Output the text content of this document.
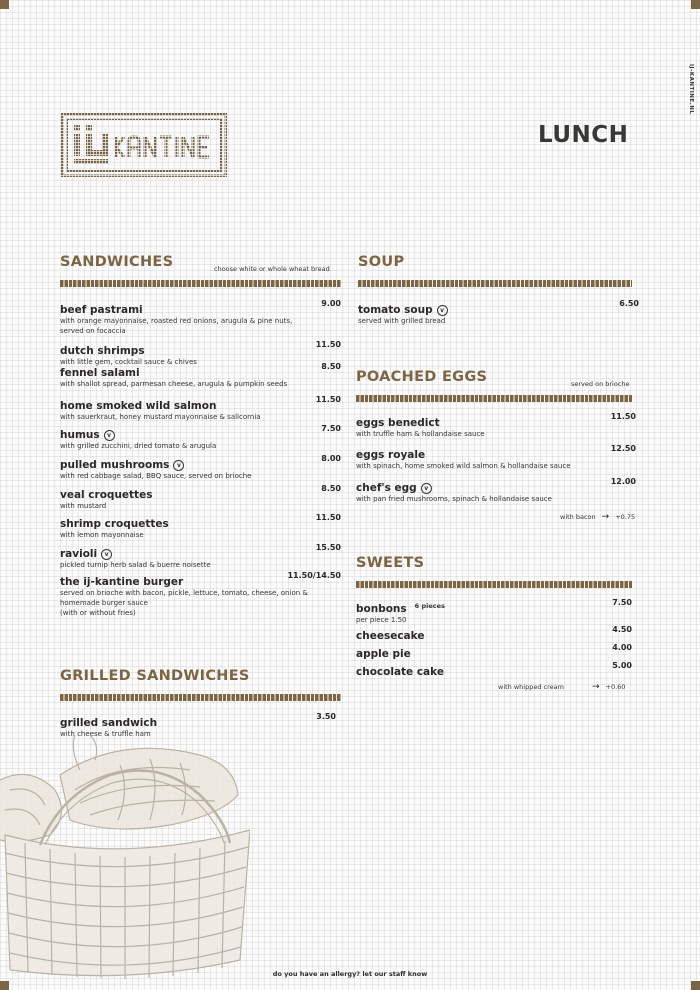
IJ-KANTINE.NL
LUNCH
SANDWICHES	choose white or whole wheat bread
beef pastrami
9.00
with orange mayonnaise, roasted red onions, arugula & pine nuts, served on focaccia
dutch shrimps
11.50
with little gem, cocktail sauce & chives
fennel salami
8.50
with shallot spread, parmesan cheese, arugula & pumpkin seeds
home smoked wild salmon
11.50
with sauerkraut, honey mustard mayonnaise & salicornia
humus	v
7.50
with grilled zucchini, dried tomato & arugula
pulled mushrooms	v
8.00
with red cabbage salad, BBQ sauce, served on brioche
veal croquettes
8.50
with mustard
shrimp croquettes
11.50
with lemon mayonnaise
ravioli	v
15.50
pickled turnip herb salad & buerre noisette
the ij-kantine burger
11.50/14.50
served on brioche with bacon, pickle, lettuce, tomato, cheese, onion & homemade burger sauce
(with or without fries)
GRILLED SANDWICHES
grilled sandwich
3.50
with cheese & truffle ham
SOUP
tomato soup	v
6.50
served with grilled bread
POACHED EGGS	served on brioche
eggs benedict
11.50
with truffle ham & hollandaise sauce
eggs royale
12.50
with spinach, home smoked wild salmon & hollandaise sauce
chef's egg	v
12.00
with pan fried mushrooms, spinach & hollandaise sauce
with bacon → +0.75
SWEETS
bonbons 6 pieces	7.50
per piece 1.50
cheesecake
4.50
apple pie
4.00
chocolate cake
5.00
with whipped cream	→ +0.60
do you have an allergy? let our staff know
